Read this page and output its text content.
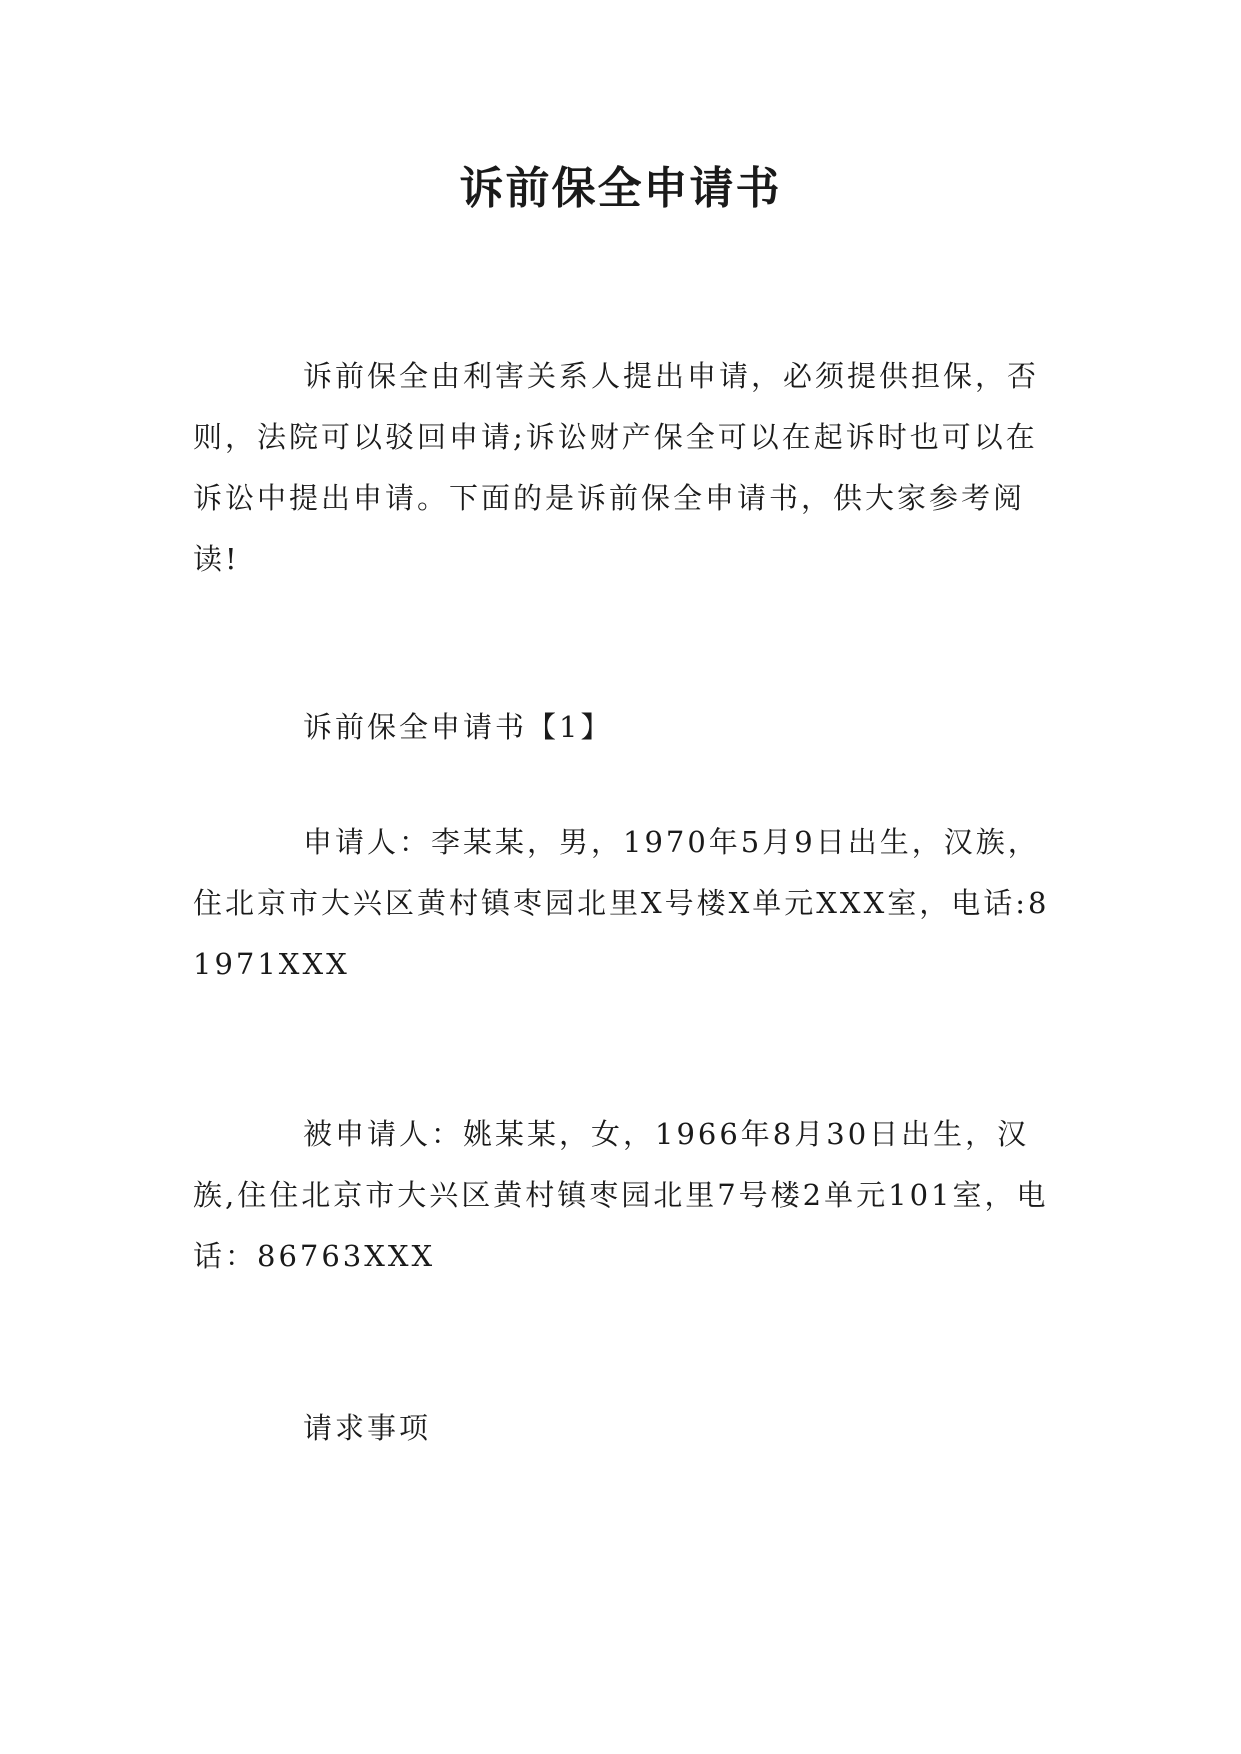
诉前保全申请书

诉前保全由利害关系人提出申请，必须提供担保，否则，法院可以驳回申请;诉讼财产保全可以在起诉时也可以在诉讼中提出申请。下面的是诉前保全申请书，供大家参考阅读!

诉前保全申请书【1】

申请人：李某某，男，1970年5月9日出生，汉族，住北京市大兴区黄村镇枣园北里X号楼X单元XXX室，电话:81971XXX

被申请人：姚某某，女，1966年8月30日出生，汉族,住住北京市大兴区黄村镇枣园北里7号楼2单元101室，电话：86763XXX

请求事项
